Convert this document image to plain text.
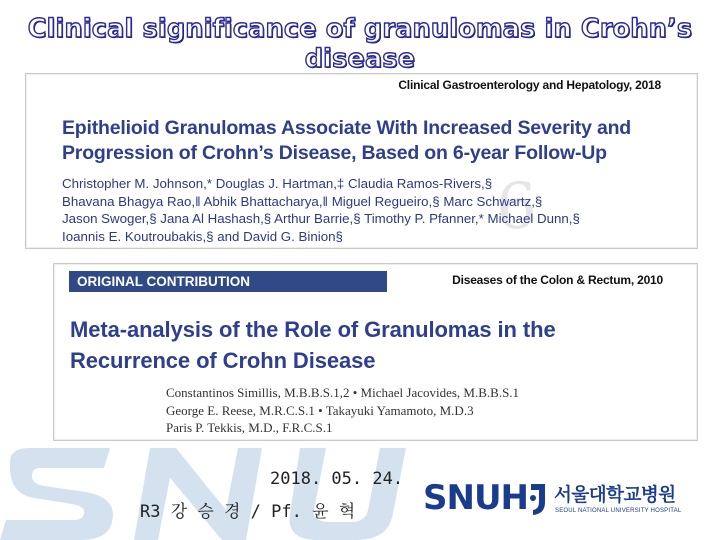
Clinical significance of granulomas in Crohn’s disease
6
Clinical Gastroenterology and Hepatology, 2018
Epithelioid Granulomas Associate With Increased Severity and
Progression of Crohn’s Disease, Based on 6-year Follow-Up
Christopher M. Johnson,* Douglas J. Hartman,‡ Claudia Ramos-Rivers,§
Bhavana Bhagya Rao,‖ Abhik Bhattacharya,‖ Miguel Regueiro,§ Marc Schwartz,§
Jason Swoger,§ Jana Al Hashash,§ Arthur Barrie,§ Timothy P. Pfanner,* Michael Dunn,§
Ioannis E. Koutroubakis,§ and David G. Binion§
ORIGINAL CONTRIBUTION	Diseases of the Colon & Rectum, 2010
Meta-analysis of the Role of Granulomas in the
Recurrence of Crohn Disease
Constantinos Simillis, M.B.B.S.1,2 • Michael Jacovides, M.B.B.S.1
George E. Reese, M.R.C.S.1 • Takayuki Yamamoto, M.D.3
Paris P. Tekkis, M.D., F.R.C.S.1
2018. 05. 24.
R3 강 승 경 / Pf. 윤 혁 SNUH 서울대학교병원
SEOUL NATIONAL UNIVERSITY HOSPITAL
